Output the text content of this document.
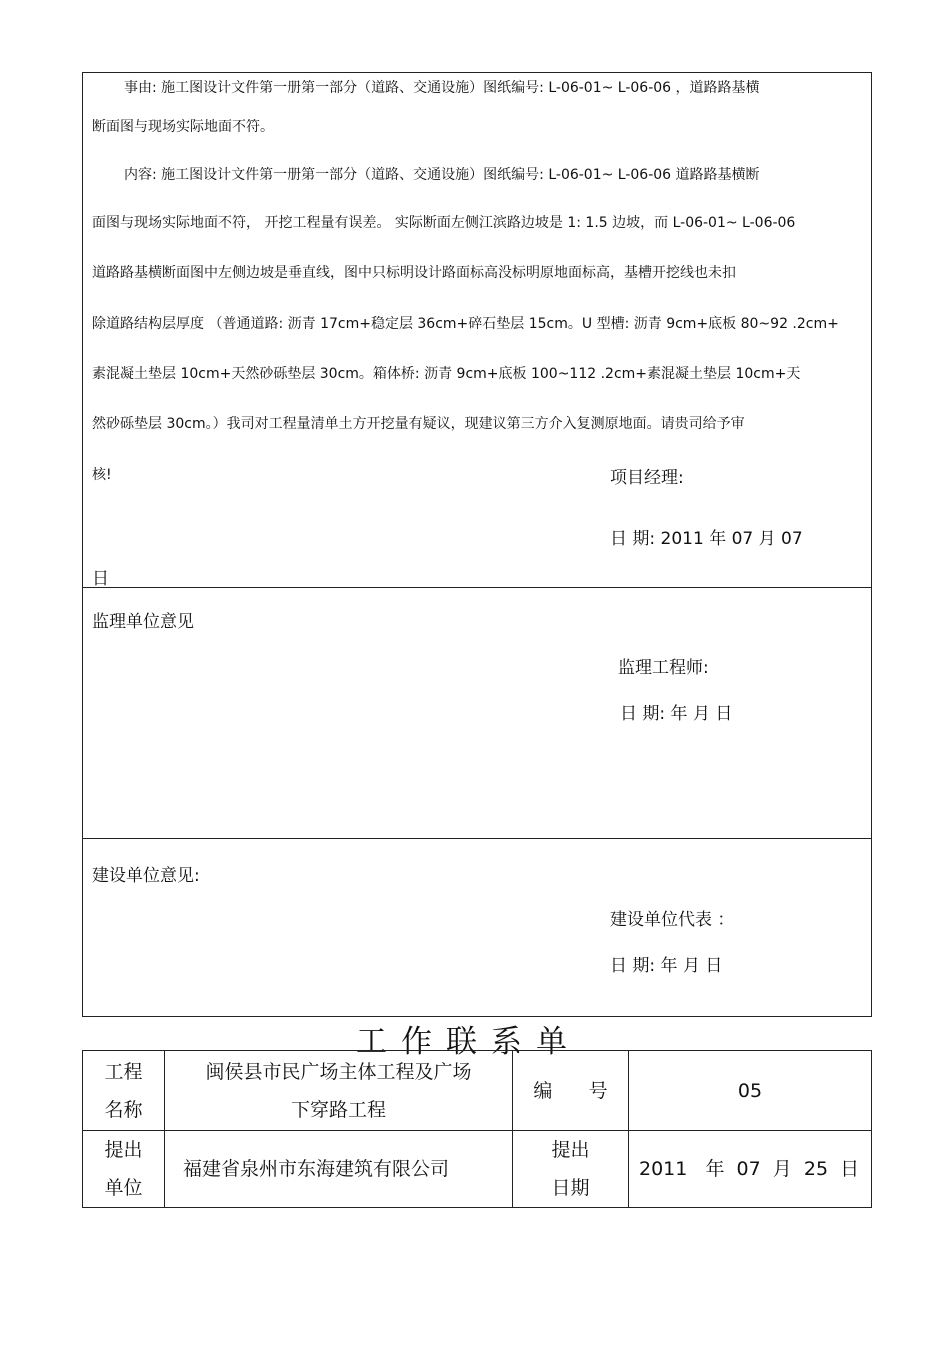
事由: 施工图设计文件第一册第一部分（道路、交通设施）图纸编号: L-06-01~ L-06-06 ，道路路基横
断面图与现场实际地面不符。
内容: 施工图设计文件第一册第一部分（道路、交通设施）图纸编号: L-06-01~ L-06-06 道路路基横断
面图与现场实际地面不符， 开挖工程量有误差。 实际断面左侧江滨路边坡是 1: 1.5 边坡，而 L-06-01~ L-06-06
道路路基横断面图中左侧边坡是垂直线，图中只标明设计路面标高没标明原地面标高，基槽开挖线也未扣
除道路结构层厚度 （普通道路: 沥青 17cm+稳定层 36cm+碎石垫层 15cm。U 型槽: 沥青 9cm+底板 80~92 .2cm+
素混凝土垫层 10cm+天然砂砾垫层 30cm。箱体桥: 沥青 9cm+底板 100~112 .2cm+素混凝土垫层 10cm+天
然砂砾垫层 30cm。）我司对工程量清单土方开挖量有疑议，现建议第三方介入复测原地面。请贵司给予审
核!	项目经理:
日 期: 2011 年 07 月 07
日
监理单位意见
监理工程师:
日 期: 年 月 日
建设单位意见:
建设单位代表 ：
日 期: 年 月 日
工作联系单
工程
名称
闽侯县市民广场主体工程及广场
下穿路工程
编      号	05
提出
单位
福建省泉州市东海建筑有限公司
提出
日期
2011   年  07  月  25  日
